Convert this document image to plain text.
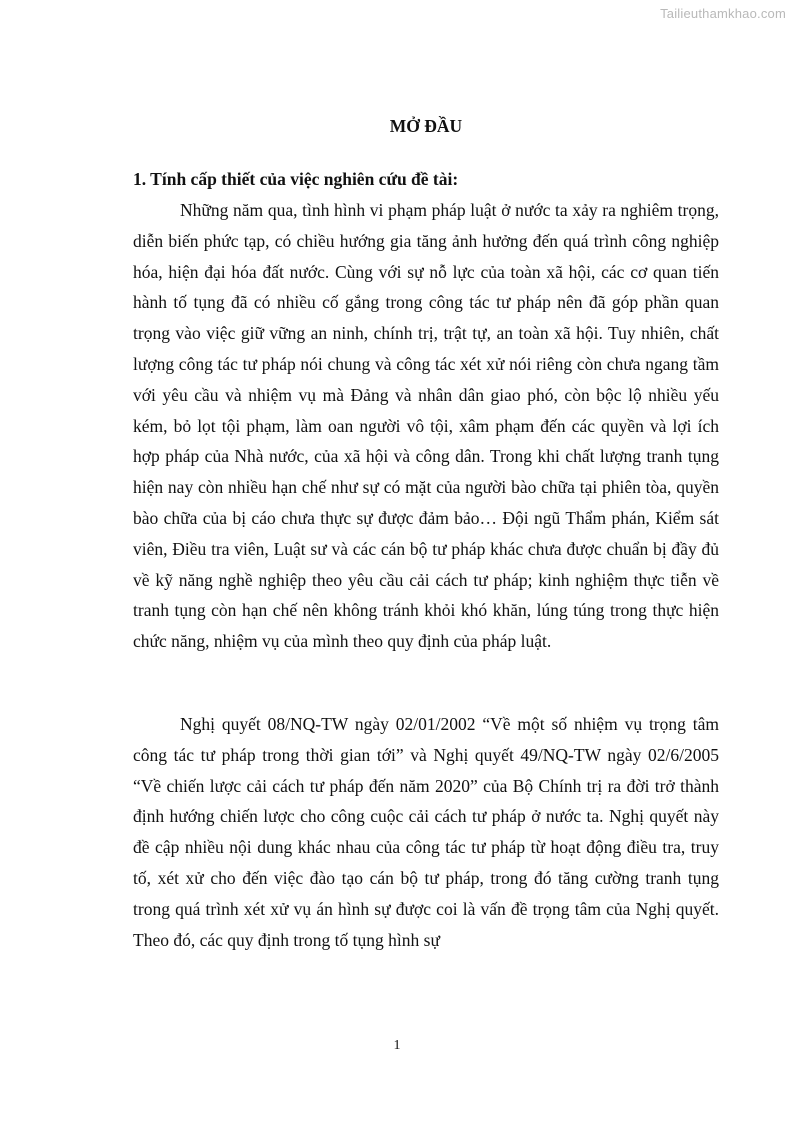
Tailieuthamkhao.com
MỞ ĐẦU
1. Tính cấp thiết của việc nghiên cứu đề tài:

Những năm qua, tình hình vi phạm pháp luật ở nước ta xảy ra nghiêm trọng, diễn biến phức tạp, có chiều hướng gia tăng ảnh hưởng đến quá trình công nghiệp hóa, hiện đại hóa đất nước. Cùng với sự nỗ lực của toàn xã hội, các cơ quan tiến hành tố tụng đã có nhiều cố gắng trong công tác tư pháp nên đã góp phần quan trọng vào việc giữ vững an ninh, chính trị, trật tự, an toàn xã hội. Tuy nhiên, chất lượng công tác tư pháp nói chung và công tác xét xử nói riêng còn chưa ngang tầm với yêu cầu và nhiệm vụ mà Đảng và nhân dân giao phó, còn bộc lộ nhiều yếu kém, bỏ lọt tội phạm, làm oan người vô tội, xâm phạm đến các quyền và lợi ích hợp pháp của Nhà nước, của xã hội và công dân. Trong khi chất lượng tranh tụng hiện nay còn nhiều hạn chế như sự có mặt của người bào chữa tại phiên tòa, quyền bào chữa của bị cáo chưa thực sự được đảm bảo… Đội ngũ Thẩm phán, Kiểm sát viên, Điều tra viên, Luật sư và các cán bộ tư pháp khác chưa được chuẩn bị đầy đủ về kỹ năng nghề nghiệp theo yêu cầu cải cách tư pháp; kinh nghiệm thực tiễn về tranh tụng còn hạn chế nên không tránh khỏi khó khăn, lúng túng trong thực hiện chức năng, nhiệm vụ của mình theo quy định của pháp luật.

Nghị quyết 08/NQ-TW ngày 02/01/2002 “Về một số nhiệm vụ trọng tâm công tác tư pháp trong thời gian tới” và Nghị quyết 49/NQ-TW ngày 02/6/2005 “Về chiến lược cải cách tư pháp đến năm 2020” của Bộ Chính trị ra đời trở thành định hướng chiến lược cho công cuộc cải cách tư pháp ở nước ta. Nghị quyết này đề cập nhiều nội dung khác nhau của công tác tư pháp từ hoạt động điều tra, truy tố, xét xử cho đến việc đào tạo cán bộ tư pháp, trong đó tăng cường tranh tụng trong quá trình xét xử vụ án hình sự được coi là vấn đề trọng tâm của Nghị quyết. Theo đó, các quy định trong tố tụng hình sự

1
